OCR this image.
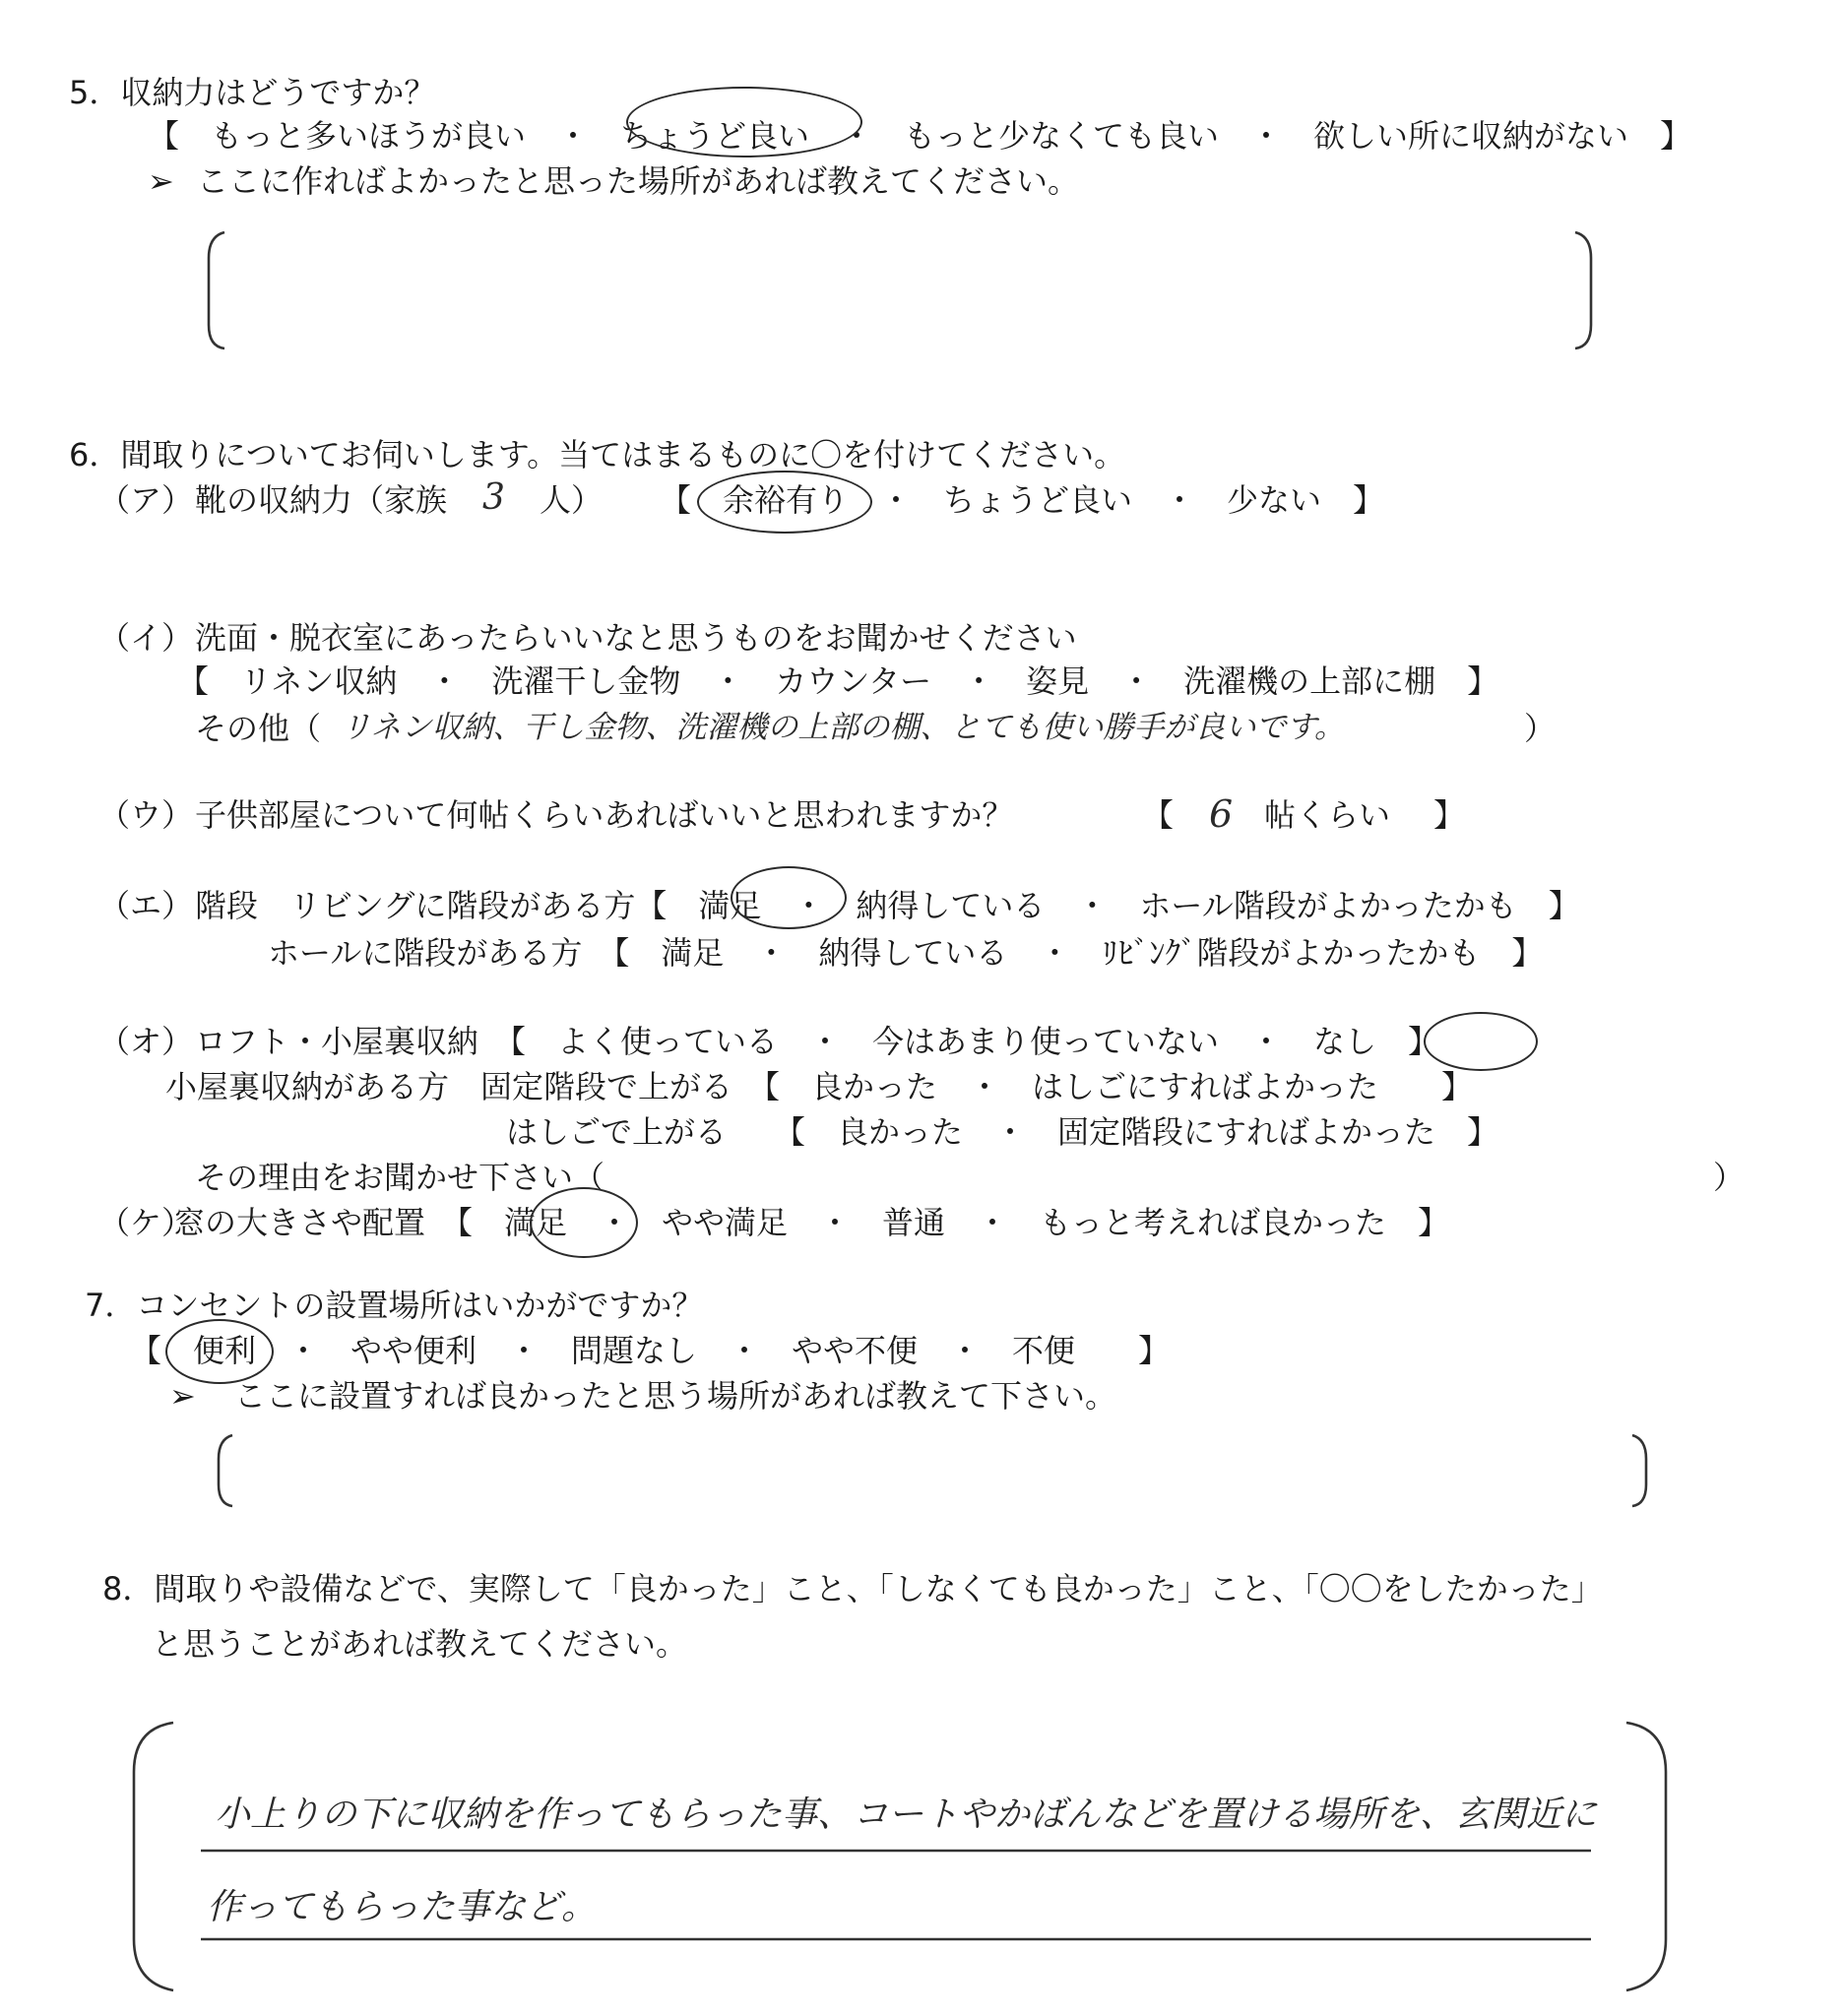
5．収納力はどうですか？
【　もっと多いほうが良い　・　ちょうど良い　・　もっと少なくても良い　・　欲しい所に収納がない　】
➢ ここに作ればよかったと思った場所があれば教えてください。
6．間取りについてお伺いします。当てはまるものに〇を付けてください。
（ア） 靴の収納力（家族 3 人） 【　余裕有り　・　ちょうど良い　・　少ない　】
（イ） 洗面・脱衣室にあったらいいなと思うものをお聞かせください
【　リネン収納　・　洗濯干し金物　・　カウンター　・　姿見　・　洗濯機の上部に棚　】
その他（ リネン収納、干し金物、洗濯機の上部の棚、とても使い勝手が良いです。	）
（ウ） 子供部屋について何帖くらいあればいいと思われますか？	【 6 帖くらい 】
（エ） 階段　リビングに階段がある方【　満足　・　納得している　・　ホール階段がよかったかも　】
ホールに階段がある方　【　満足　・　納得している　・　ﾘﾋﾞﾝｸﾞ階段がよかったかも　】
（オ） ロフト・小屋裏収納　【　よく使っている　・　今はあまり使っていない　・　なし　】
小屋裏収納がある方　固定階段で上がる　【　良かった　・　はしごにすればよかった　　】
はしごで上がる　　【　良かった　・　固定階段にすればよかった　】
その理由をお聞かせ下さい（	）
（ケ）
窓の大きさや配置　【　満足　・　やや満足　・　普通　・　もっと考えれば良かった　】
7．コンセントの設置場所はいかがですか？
【　便利　・　やや便利　・　問題なし　・　やや不便　・　不便　　】
➢ ここに設置すれば良かったと思う場所があれば教えて下さい。
8．間取りや設備などで、実際して「良かった」こと、「しなくても良かった」こと、「〇〇をしたかった」
と思うことがあれば教えてください。
小上りの下に収納を作ってもらった事、コートやかばんなどを置ける場所を、玄関近に
作ってもらった事など。
